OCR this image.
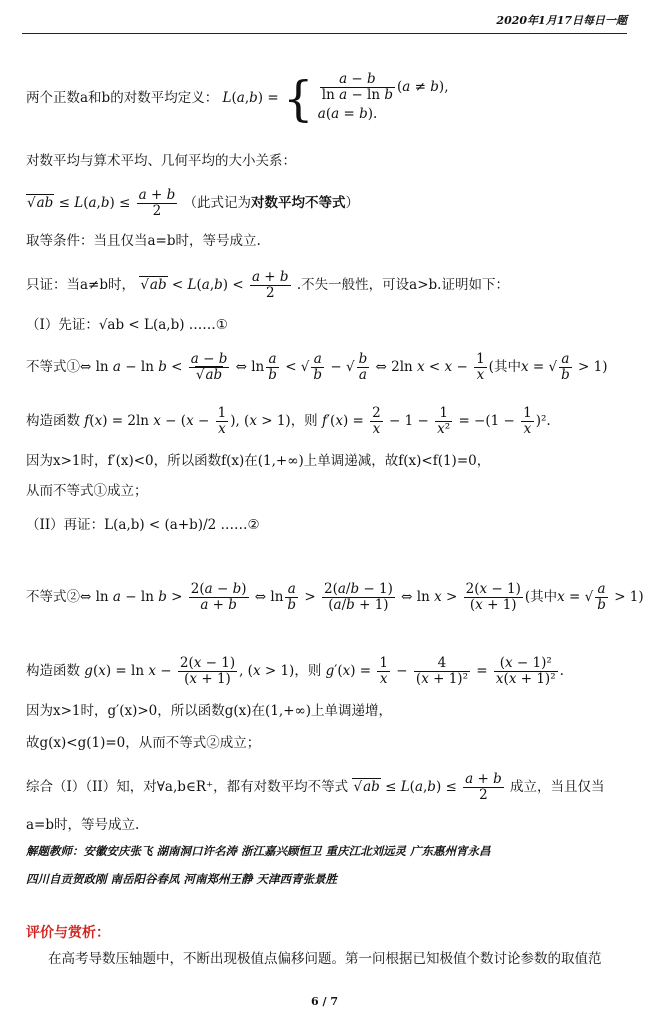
2020年1月17日每日一题
两个正数a和b的对数平均定义： L(a,b) = { $\frac{a - b}{\text{ln a − ln b}} (a \ne b)$,
a(a = b).
对数平均与算术平均、几何平均的大小关系：
√ ab ≤ $L(a,b) \le \frac{a + b}{2}$ （此式记为对数平均不等式）
取等条件：当且仅当a=b时，等号成立.
只证：当a≠b时， √ ab < $L(a,b) < \frac{a + b}{2}$ .不失一般性，可设a>b.证明如下：
（I）先证：√ab < L(a,b) ……①
不等式①⇔ ln a − ln b < a − b
√ ab ⇔ $\ln \frac{a}{b}$ < √ $\frac{a}{b}$ − √ $\frac{b}{a}$ ⇔ 2ln $x < x - \frac{1}{x}$ (其中x = √ $\frac{a}{b} > 1$)
构造函数 f(x) = 2ln $x - (x - \frac{1}{x}$ ), (x > 1)，则 $f'(x) = \frac{2}{x} - 1 - \frac{1}{\text{x²}} = -(1 - \frac{1}{x} )^2$.
因为x>1时，f′(x)<0，所以函数f(x)在(1,+∞)上单调递减，故f(x)<f(1)=0，
从而不等式①成立；
（II）再证：L(a,b) < (a+b)/2 ……②
不等式②⇔ $\ln a - \ln b > \frac{2(a - b)}{a + b}$ ⇔ $\ln \frac{a}{b} > \frac{2(a/b - 1)}{(a/b + 1)}$ ⇔ $\ln x > \frac{2(x - 1)}{(x + 1)}$ (其中x = √ $\frac{a}{b} > 1$)
构造函数 $g(x) = \ln x - \frac{2(x - 1)}{(x + 1)}$ , (x > 1)，则 $g'(x) = \frac{1}{x} - \frac{4}{\text{(x + 1)²}} = \frac{\text{(x − 1)²}}{\text{x(x + 1)²}}$ .
因为x>1时，g′(x)>0，所以函数g(x)在(1,+∞)上单调递增，
故g(x)<g(1)=0，从而不等式②成立；
综合（I）（II）知，对∀a,b∈R⁺，都有对数平均不等式 √ ab ≤ $L(a,b) \le \frac{a + b}{2}$ 成立，当且仅当
a=b时，等号成立.
解题教师：安徽安庆张飞 湖南洞口许名涛 浙江嘉兴顾恒卫 重庆江北刘远灵 广东惠州宵永昌
四川自贡贺政刚 南岳阳谷春凤 河南郑州王静 天津西青张景胜
评价与赏析：
在高考导数压轴题中，不断出现极值点偏移问题。第一问根据已知极值个数讨论参数的取值范
6 / 7
